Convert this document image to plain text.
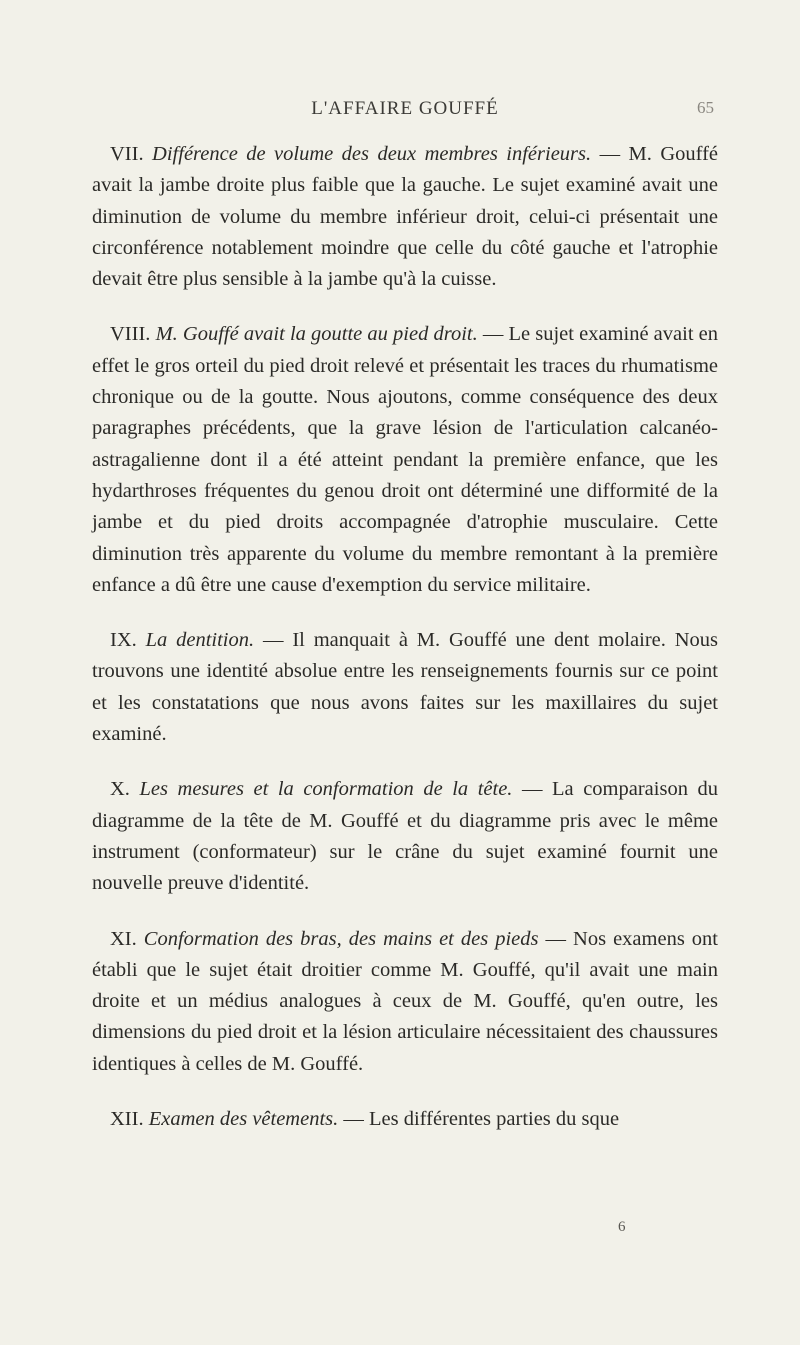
L'AFFAIRE GOUFFÉ	65

VII. Différence de volume des deux membres inférieurs. — M. Gouffé avait la jambe droite plus faible que la gauche. Le sujet examiné avait une diminution de volume du membre inférieur droit, celui-ci présentait une circonférence notablement moindre que celle du côté gauche et l'atrophie devait être plus sensible à la jambe qu'à la cuisse.

VIII. M. Gouffé avait la goutte au pied droit. — Le sujet examiné avait en effet le gros orteil du pied droit relevé et présentait les traces du rhumatisme chronique ou de la goutte. Nous ajoutons, comme conséquence des deux paragraphes précédents, que la grave lésion de l'articulation calcanéo-astragalienne dont il a été atteint pendant la première enfance, que les hydarthroses fréquentes du genou droit ont déterminé une difformité de la jambe et du pied droits accompagnée d'atrophie musculaire. Cette diminution très apparente du volume du membre remontant à la première enfance a dû être une cause d'exemption du service militaire.

IX. La dentition. — Il manquait à M. Gouffé une dent molaire. Nous trouvons une identité absolue entre les renseignements fournis sur ce point et les constatations que nous avons faites sur les maxillaires du sujet examiné.

X. Les mesures et la conformation de la tête. — La comparaison du diagramme de la tête de M. Gouffé et du diagramme pris avec le même instrument (conformateur) sur le crâne du sujet examiné fournit une nouvelle preuve d'identité.

XI. Conformation des bras, des mains et des pieds — Nos examens ont établi que le sujet était droitier comme M. Gouffé, qu'il avait une main droite et un médius analogues à ceux de M. Gouffé, qu'en outre, les dimensions du pied droit et la lésion articulaire nécessitaient des chaussures identiques à celles de M. Gouffé.

XII. Examen des vêtements. — Les différentes parties du sque

6
